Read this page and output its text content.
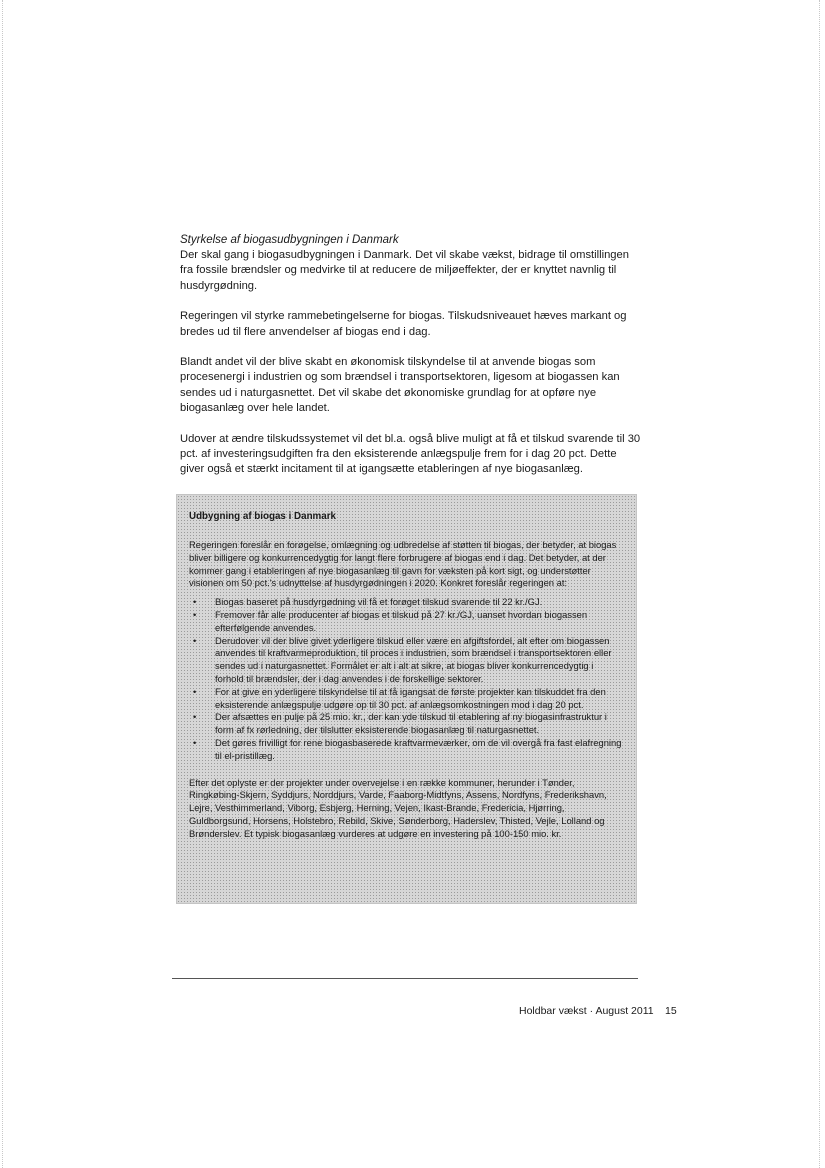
Styrkelse af biogasudbygningen i Danmark

Der skal gang i biogasudbygningen i Danmark. Det vil skabe vækst, bidrage til omstillingen fra fossile brændsler og medvirke til at reducere de miljøeffekter, der er knyttet navnlig til husdyrgødning.

Regeringen vil styrke rammebetingelserne for biogas. Tilskudsniveauet hæves markant og bredes ud til flere anvendelser af biogas end i dag.

Blandt andet vil der blive skabt en økonomisk tilskyndelse til at anvende biogas som procesenergi i industrien og som brændsel i transportsektoren, ligesom at biogassen kan sendes ud i naturgasnettet. Det vil skabe det økonomiske grundlag for at opføre nye biogasanlæg over hele landet.

Udover at ændre tilskudssystemet vil det bl.a. også blive muligt at få et tilskud svarende til 30 pct. af investeringsudgiften fra den eksisterende anlægspulje frem for i dag 20 pct. Dette giver også et stærkt incitament til at igangsætte etableringen af nye biogasanlæg.

Udbygning af biogas i Danmark

Regeringen foreslår en forøgelse, omlægning og udbredelse af støtten til biogas, der betyder, at biogas bliver billigere og konkurrencedygtig for langt flere forbrugere af biogas end i dag. Det betyder, at der kommer gang i etableringen af nye biogasanlæg til gavn for væksten på kort sigt, og understøtter visionen om 50 pct.'s udnyttelse af husdyrgødningen i 2020. Konkret foreslår regeringen at:

• Biogas baseret på husdyrgødning vil få et forøget tilskud svarende til 22 kr./GJ.
• Fremover får alle producenter af biogas et tilskud på 27 kr./GJ, uanset hvordan biogassen efterfølgende anvendes.
• Derudover vil der blive givet yderligere tilskud eller være en afgiftsfordel, alt efter om biogassen anvendes til kraftvarmeproduktion, til proces i industrien, som brændsel i transportsektoren eller sendes ud i naturgasnettet. Formålet er alt i alt at sikre, at biogas bliver konkurrencedygtig i forhold til brændsler, der i dag anvendes i de forskellige sektorer.
• For at give en yderligere tilskyndelse til at få igangsat de første projekter kan tilskuddet fra den eksisterende anlægspulje udgøre op til 30 pct. af anlægsomkostningen mod i dag 20 pct.
• Der afsættes en pulje på 25 mio. kr., der kan yde tilskud til etablering af ny biogasinfrastruktur i form af fx rørledning, der tilslutter eksisterende biogasanlæg til naturgasnettet.
• Det gøres frivilligt for rene biogasbaserede kraftvarmeværker, om de vil overgå fra fast elafregning til el-pristillæg.

Efter det oplyste er der projekter under overvejelse i en række kommuner, herunder i Tønder, Ringkøbing-Skjern, Syddjurs, Norddjurs, Varde, Faaborg-Midtfyns, Assens, Nordfyns, Frederikshavn, Lejre, Vesthimmerland, Viborg, Esbjerg, Herning, Vejen, Ikast-Brande, Fredericia, Hjørring, Guldborgsund, Horsens, Holstebro, Rebild, Skive, Sønderborg, Haderslev, Thisted, Vejle, Lolland og Brønderslev. Et typisk biogasanlæg vurderes at udgøre en investering på 100-150 mio. kr.

Holdbar vækst · August 2011 15
